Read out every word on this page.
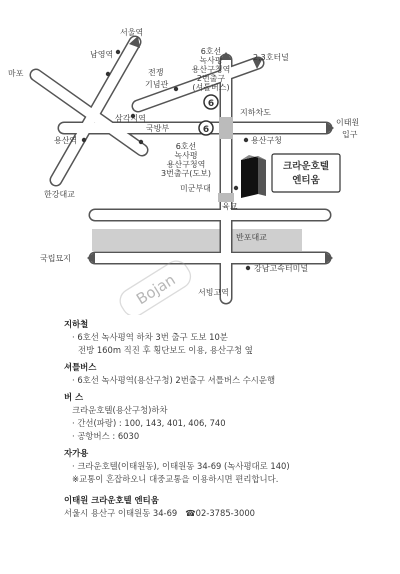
크라운호텔
엔티움
6
6
서울역
남영역
마포	전쟁
기념관
6호선
녹사평
용산구청역
2번출구
(셔틀버스)
2,3호터널
삼각지역
국방부
용산역
한강대교
지하차도
이태원
입구
용산구청
6호선
녹사평
용산구청역
3번출구(도보)
미군부대
육교
반포대교
국립묘지
강남고속터미널
서빙고역
Bojan
지하철
· 6호선 녹사평역 하차 3번 출구 도보 10분
전방 160m 직진 후 횡단보도 이용, 용산구청 옆
셔틀버스
· 6호선 녹사평역(용산구청) 2번출구 셔틀버스 수시운행
버 스
크라운호텔(용산구청)하차
· 간선(파랑) : 100, 143, 401, 406, 740
· 공항버스 : 6030
자가용
· 크라운호텔(이태원동), 이태원동 34-69 (녹사평대로 140)
※교통이 혼잡하오니 대중교통을 이용하시면 편리합니다.
이태원 크라운호텔 엔티움
서울시 용산구 이태원동 34-69 ☎02-3785-3000
